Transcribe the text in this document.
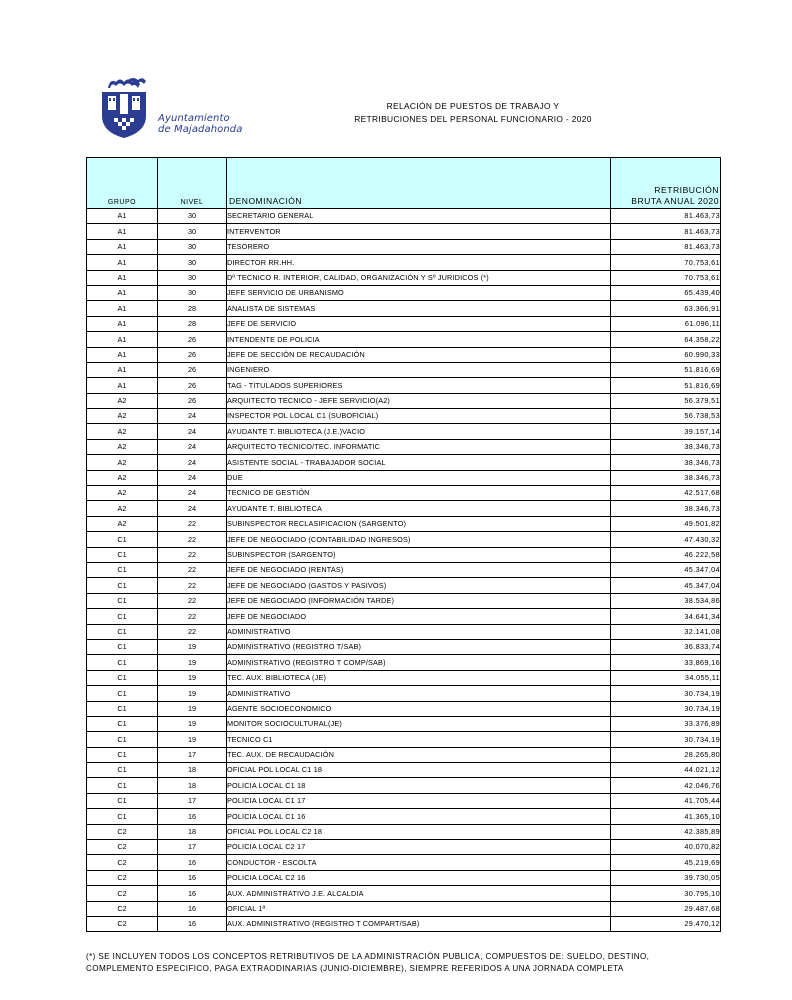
Ayuntamiento
de Majadahonda
RELACIÓN DE PUESTOS DE TRABAJO Y
RETRIBUCIONES DEL PERSONAL FUNCIONARIO - 2020
GRUPO	NIVEL	DENOMINACIÓN	RETRIBUCIÓN
BRUTA ANUAL 2020

A1	30	SECRETARIO GENERAL	81.463,73
A1	30	INTERVENTOR	81.463,73
A1	30	TESORERO	81.463,73
A1	30	DIRECTOR RR.HH.	70.753,61
A1	30	Dº TECNICO R. INTERIOR, CALIDAD, ORGANIZACIÓN Y Sº JURIDICOS (*)	70.753,61
A1	30	JEFE SERVICIO DE URBANISMO	65.439,40
A1	28	ANALISTA DE SISTEMAS	63.366,91
A1	28	JEFE DE SERVICIO	61.096,11
A1	26	INTENDENTE DE POLICIA	64.358,22
A1	26	JEFE DE SECCIÓN DE RECAUDACIÓN	60.990,33
A1	26	INGENIERO	51.816,69
A1	26	TAG - TITULADOS SUPERIORES	51.816,69
A2	26	ARQUITECTO TECNICO - JEFE SERVICIO(A2)	56.379,51
A2	24	INSPECTOR POL LOCAL C1 (SUBOFICIAL)	56.738,53
A2	24	AYUDANTE T. BIBLIOTECA (J.E.)VACIO	39.157,14
A2	24	ARQUITECTO TECNICO/TEC. INFORMATIC	38.346,73
A2	24	ASISTENTE SOCIAL - TRABAJADOR SOCIAL	38.346,73
A2	24	DUE	38.346,73
A2	24	TECNICO DE GESTIÓN	42.517,68
A2	24	AYUDANTE T. BIBLIOTECA	38.346,73
A2	22	SUBINSPECTOR RECLASIFICACION (SARGENTO)	49.501,82
C1	22	JEFE DE NEGOCIADO (CONTABILIDAD INGRESOS)	47.430,32
C1	22	SUBINSPECTOR (SARGENTO)	46.222,58
C1	22	JEFE DE NEGOCIADO (RENTAS)	45.347,04
C1	22	JEFE DE NEGOCIADO (GASTOS Y PASIVOS)	45.347,04
C1	22	JEFE DE NEGOCIADO (INFORMACIÓN TARDE)	38.534,86
C1	22	JEFE DE NEGOCIADO	34.641,34
C1	22	ADMINISTRATIVO	32.141,08
C1	19	ADMINISTRATIVO (REGISTRO T/SAB)	36.833,74
C1	19	ADMINISTRATIVO (REGISTRO T COMP/SAB)	33.869,16
C1	19	TEC. AUX. BIBLIOTECA (JE)	34.055,11
C1	19	ADMINISTRATIVO	30.734,19
C1	19	AGENTE SOCIOECONOMICO	30.734,19
C1	19	MONITOR SOCIOCULTURAL(JE)	33.376,89
C1	19	TECNICO C1	30.734,19
C1	17	TEC. AUX. DE RECAUDACIÓN	28.265,80
C1	18	OFICIAL POL LOCAL C1 18	44.021,12
C1	18	POLICIA LOCAL C1 18	42.046,76
C1	17	POLICIA LOCAL C1 17	41.705,44
C1	16	POLICIA LOCAL C1 16	41.365,10
C2	18	OFICIAL POL LOCAL C2 18	42.385,89
C2	17	POLICIA LOCAL C2 17	40.070,82
C2	16	CONDUCTOR - ESCOLTA	45.219,69
C2	16	POLICIA LOCAL C2 16	39.730,05
C2	16	AUX. ADMINISTRATIVO J.E. ALCALDIA	30.795,10
C2	16	OFICIAL 1ª	29.487,68
C2	16	AUX. ADMINISTRATIVO (REGISTRO T COMPART/SAB)	29.470,12
(*) SE INCLUYEN TODOS LOS CONCEPTOS RETRIBUTIVOS DE LA ADMINISTRACIÓN PUBLICA, COMPUESTOS DE: SUELDO, DESTINO,
COMPLEMENTO ESPECIFICO, PAGA EXTRAODINARIAS (JUNIO-DICIEMBRE), SIEMPRE REFERIDOS A UNA JORNADA COMPLETA
